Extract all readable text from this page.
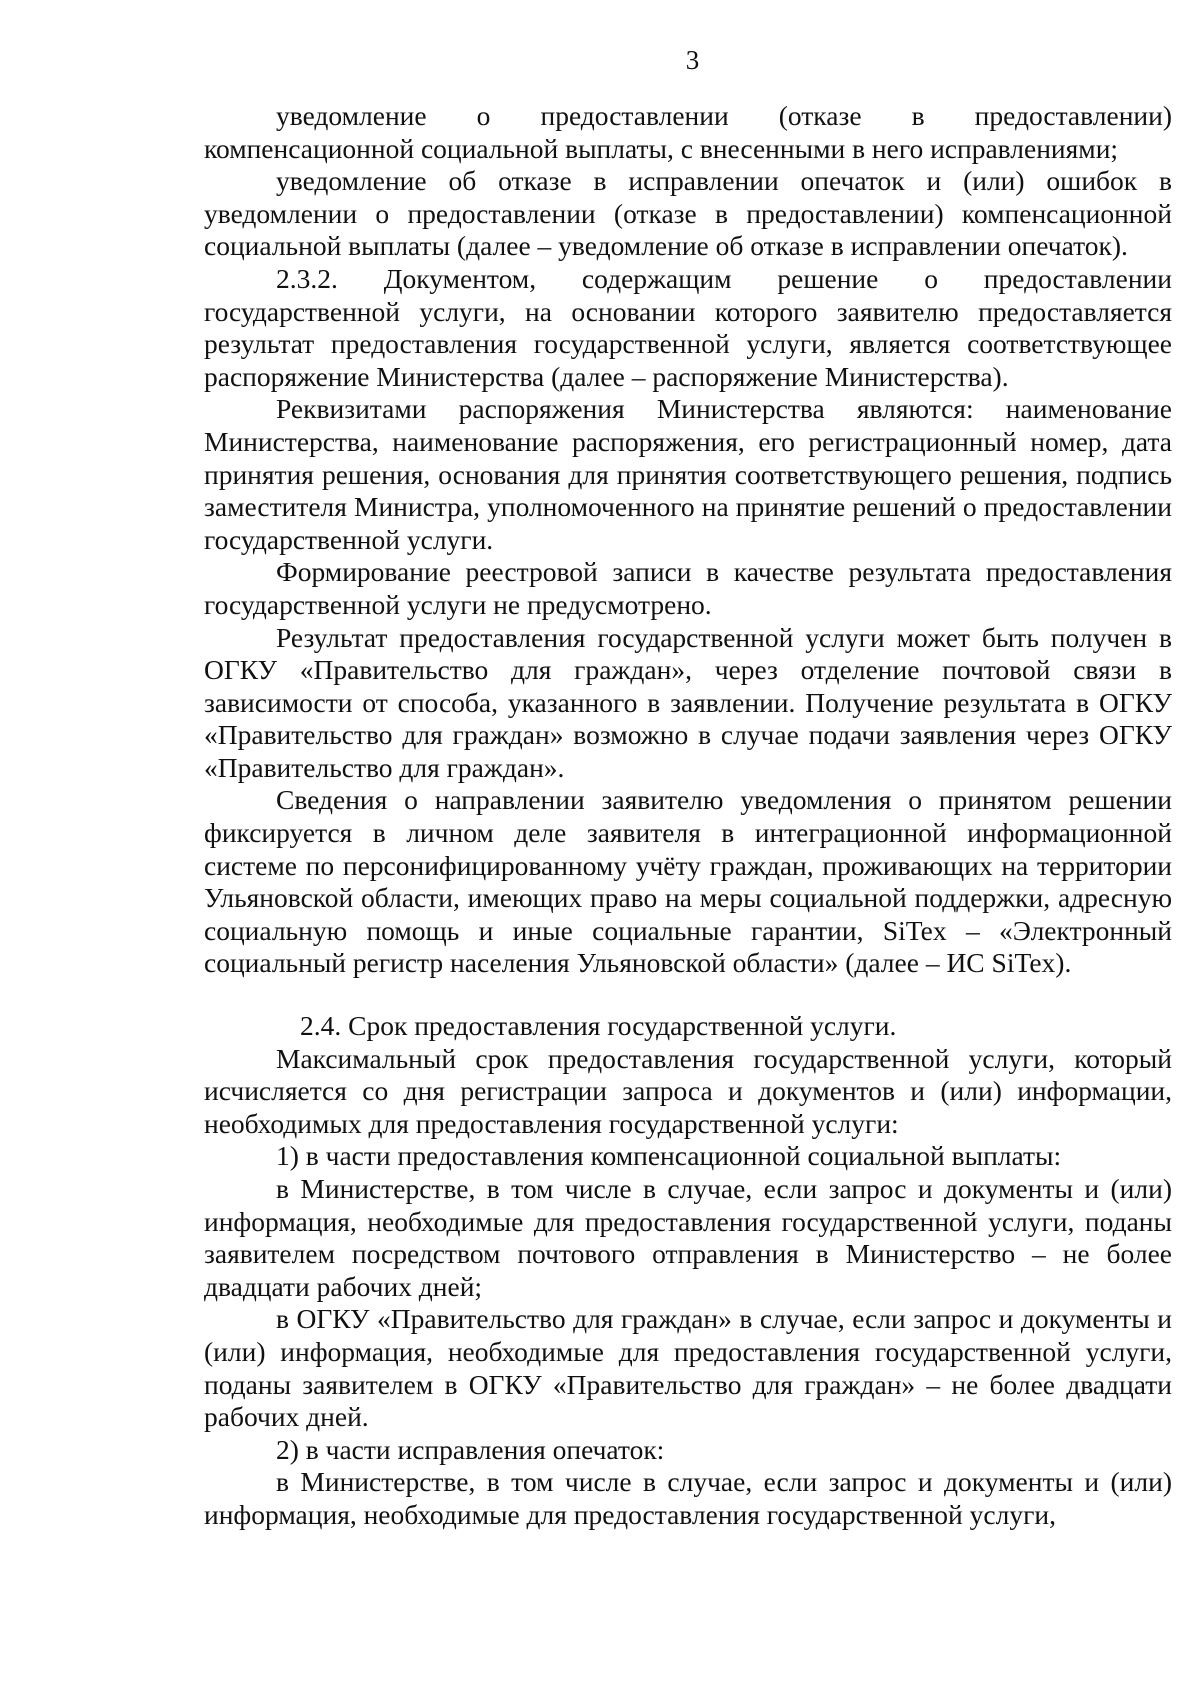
3

уведомление о предоставлении (отказе в предоставлении) компенсационной социальной выплаты, с внесенными в него исправлениями;

уведомление об отказе в исправлении опечаток и (или) ошибок в уведомлении о предоставлении (отказе в предоставлении) компенсационной социальной выплаты (далее – уведомление об отказе в исправлении опечаток).

2.3.2. Документом, содержащим решение о предоставлении государственной услуги, на основании которого заявителю предоставляется результат предоставления государственной услуги, является соответствующее распоряжение Министерства (далее – распоряжение Министерства).

Реквизитами распоряжения Министерства являются: наименование Министерства, наименование распоряжения, его регистрационный номер, дата принятия решения, основания для принятия соответствующего решения, подпись заместителя Министра, уполномоченного на принятие решений о предоставлении государственной услуги.

Формирование реестровой записи в качестве результата предоставления государственной услуги не предусмотрено.

Результат предоставления государственной услуги может быть получен в ОГКУ «Правительство для граждан», через отделение почтовой связи в зависимости от способа, указанного в заявлении. Получение результата в ОГКУ «Правительство для граждан» возможно в случае подачи заявления через ОГКУ «Правительство для граждан».

Сведения о направлении заявителю уведомления о принятом решении фиксируется в личном деле заявителя в интеграционной информационной системе по персонифицированному учёту граждан, проживающих на территории Ульяновской области, имеющих право на меры социальной поддержки, адресную социальную помощь и иные социальные гарантии, SiTex – «Электронный социальный регистр населения Ульяновской области» (далее – ИС SiTex).

2.4. Срок предоставления государственной услуги.

Максимальный срок предоставления государственной услуги, который исчисляется со дня регистрации запроса и документов и (или) информации, необходимых для предоставления государственной услуги:

1) в части предоставления компенсационной социальной выплаты:

в Министерстве, в том числе в случае, если запрос и документы и (или) информация, необходимые для предоставления государственной услуги, поданы заявителем посредством почтового отправления в Министерство – не более двадцати рабочих дней;

в ОГКУ «Правительство для граждан» в случае, если запрос и документы и (или) информация, необходимые для предоставления государственной услуги, поданы заявителем в ОГКУ «Правительство для граждан» – не более двадцати рабочих дней.

2) в части исправления опечаток:

в Министерстве, в том числе в случае, если запрос и документы и (или) информация, необходимые для предоставления государственной услуги,
